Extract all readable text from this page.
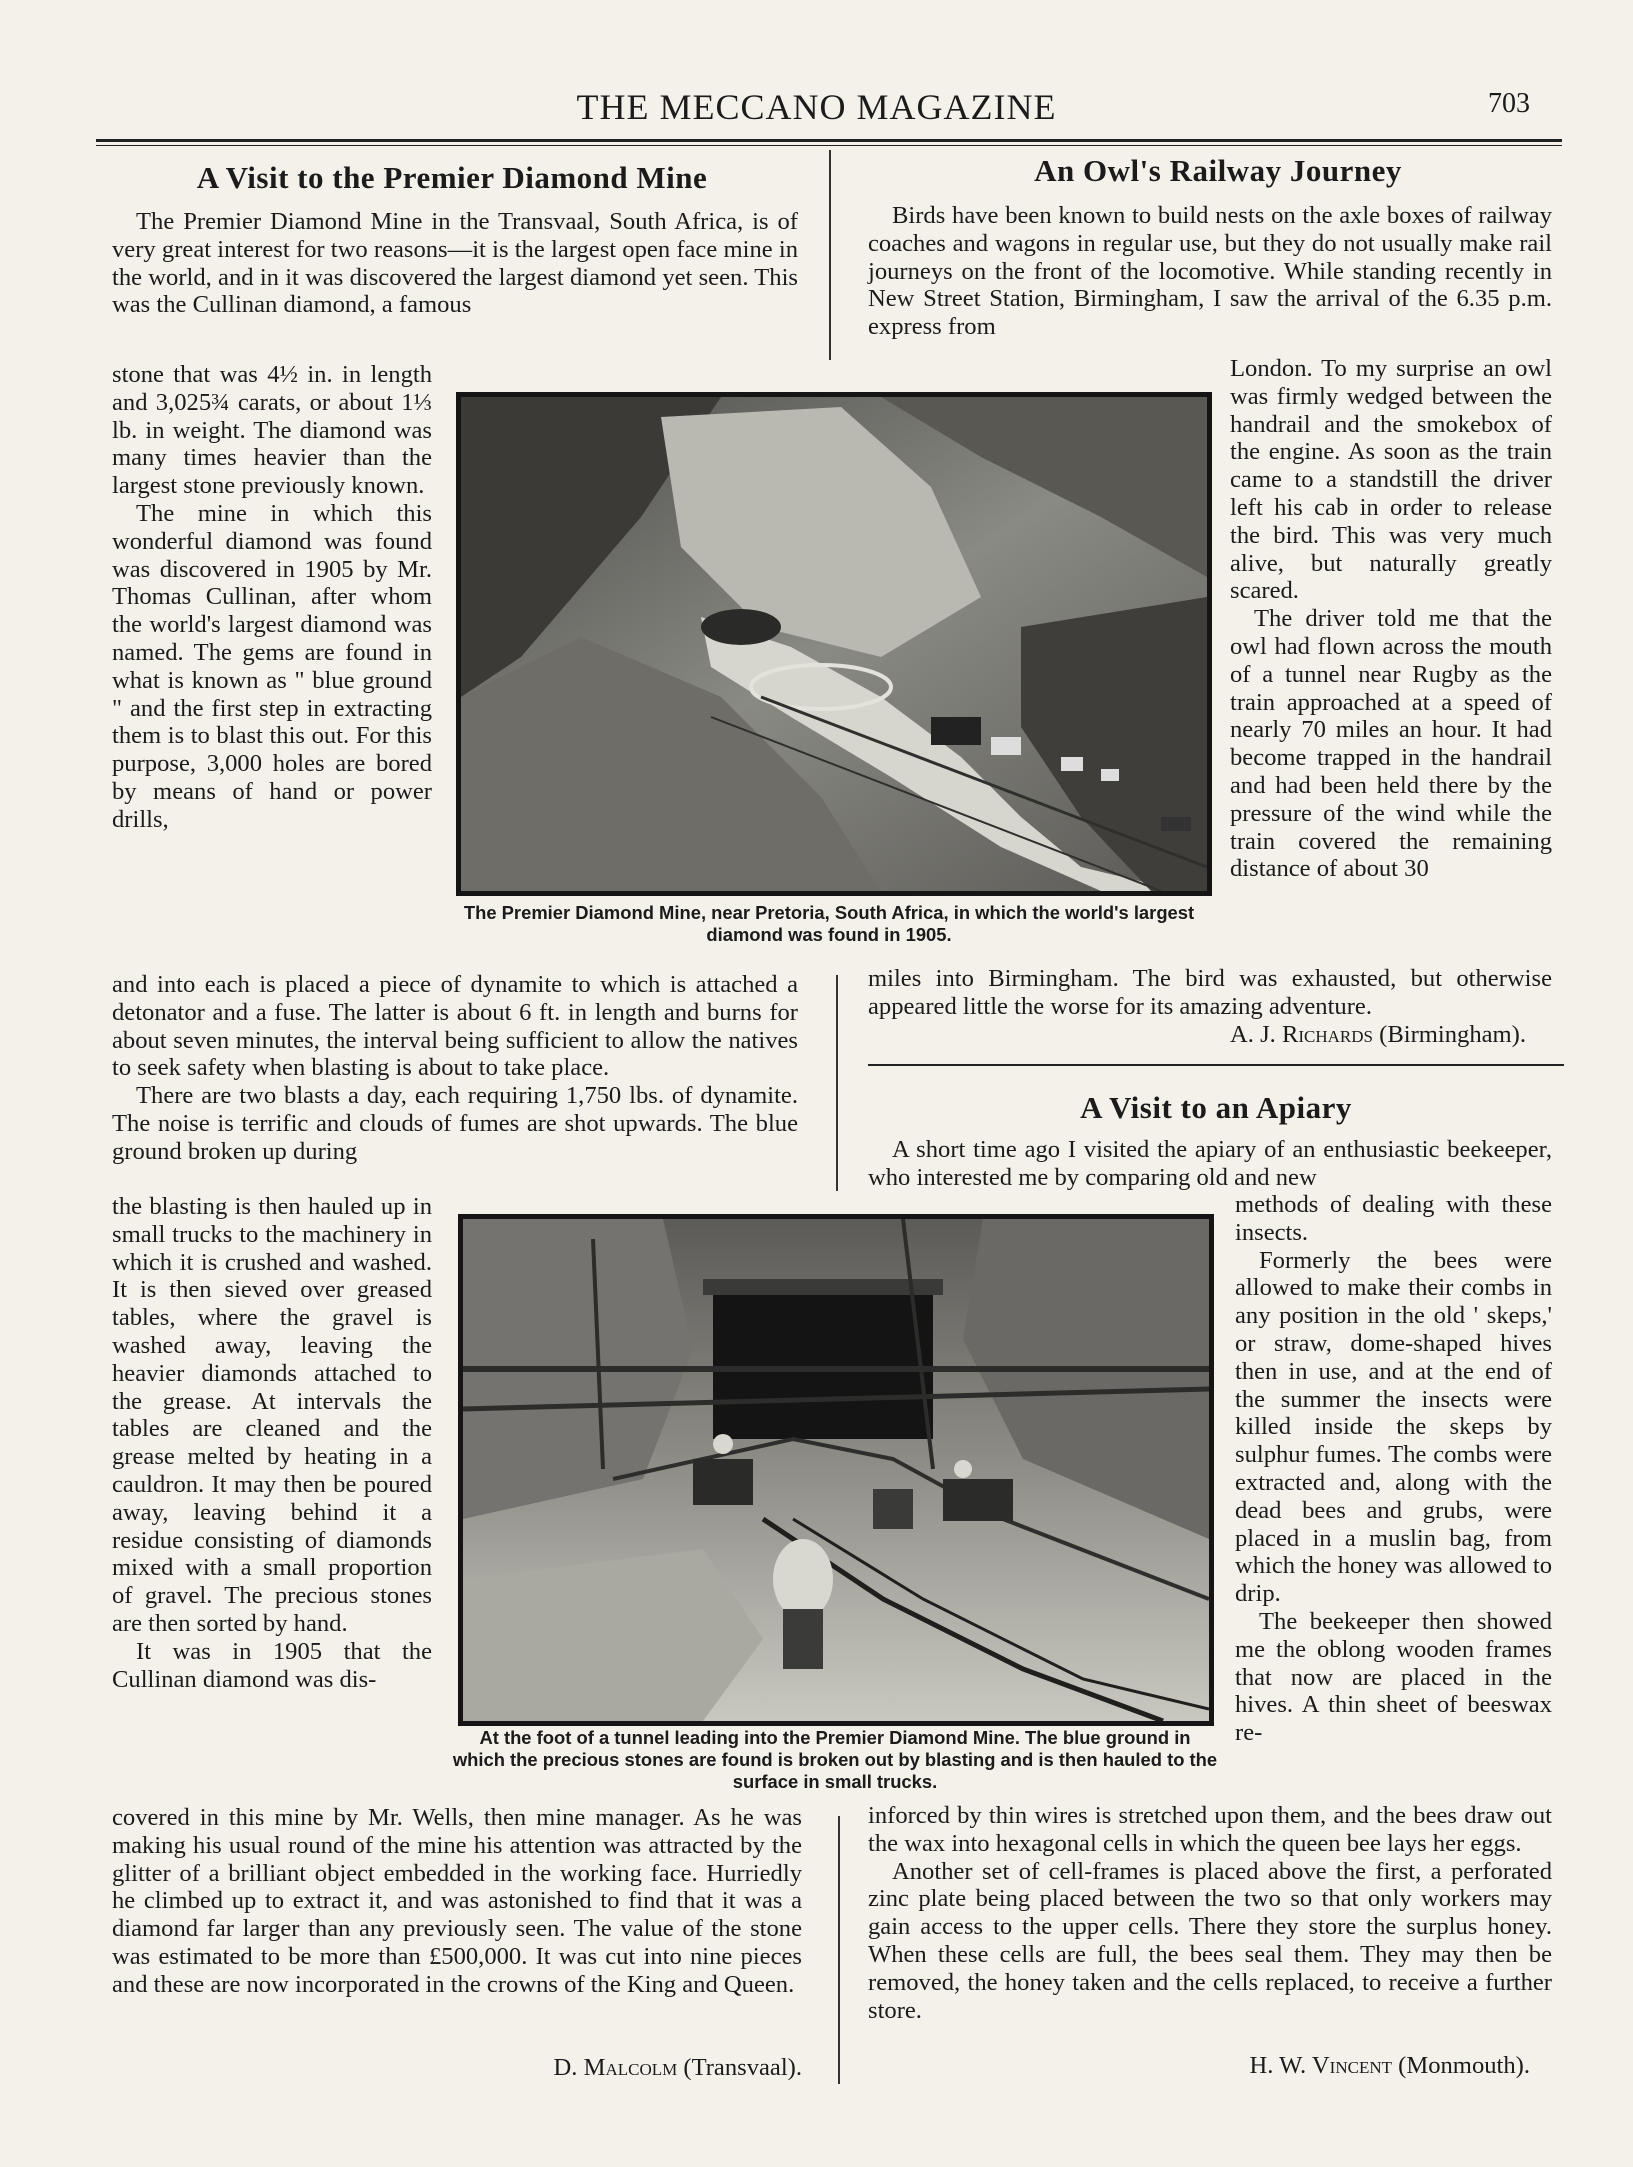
THE MECCANO MAGAZINE	703
A Visit to the Premier Diamond Mine

The Premier Diamond Mine in the Transvaal, South Africa, is of very great interest for two reasons—it is the largest open face mine in the world, and in it was discovered the largest diamond yet seen. This was the Cullinan diamond, a famous

stone that was 4½ in. in length and 3,025¾ carats, or about 1⅓ lb. in weight. The diamond was many times heavier than the largest stone previously known.

The mine in which this wonderful diamond was found was discovered in 1905 by Mr. Thomas Cullinan, after whom the world's largest diamond was named. The gems are found in what is known as " blue ground " and the first step in extracting them is to blast this out. For this purpose, 3,000 holes are bored by means of hand or power drills,

and into each is placed a piece of dynamite to which is attached a detonator and a fuse. The latter is about 6 ft. in length and burns for about seven minutes, the interval being sufficient to allow the natives to seek safety when blasting is about to take place.

There are two blasts a day, each requiring 1,750 lbs. of dynamite. The noise is terrific and clouds of fumes are shot upwards. The blue ground broken up during

the blasting is then hauled up in small trucks to the machinery in which it is crushed and washed. It is then sieved over greased tables, where the gravel is washed away, leaving the heavier diamonds attached to the grease. At intervals the tables are cleaned and the grease melted by heating in a cauldron. It may then be poured away, leaving behind it a residue consisting of diamonds mixed with a small proportion of gravel. The precious stones are then sorted by hand.

It was in 1905 that the Cullinan diamond was dis-

covered in this mine by Mr. Wells, then mine manager. As he was making his usual round of the mine his attention was attracted by the glitter of a brilliant object embedded in the working face. Hurriedly he climbed up to extract it, and was astonished to find that it was a diamond far larger than any previously seen. The value of the stone was estimated to be more than £500,000. It was cut into nine pieces and these are now incorporated in the crowns of the King and Queen.

D. Malcolm (Transvaal).
An Owl's Railway Journey

Birds have been known to build nests on the axle boxes of railway coaches and wagons in regular use, but they do not usually make rail journeys on the front of the locomotive. While standing recently in New Street Station, Birmingham, I saw the arrival of the 6.35 p.m. express from

London. To my surprise an owl was firmly wedged between the handrail and the smokebox of the engine. As soon as the train came to a standstill the driver left his cab in order to release the bird. This was very much alive, but naturally greatly scared.

The driver told me that the owl had flown across the mouth of a tunnel near Rugby as the train approached at a speed of nearly 70 miles an hour. It had become trapped in the handrail and had been held there by the pressure of the wind while the train covered the remaining distance of about 30

miles into Birmingham. The bird was exhausted, but otherwise appeared little the worse for its amazing adventure.

A. J. Richards (Birmingham).
A Visit to an Apiary

A short time ago I visited the apiary of an enthusiastic beekeeper, who interested me by comparing old and new

methods of dealing with these insects.

Formerly the bees were allowed to make their combs in any position in the old ' skeps,' or straw, dome-shaped hives then in use, and at the end of the summer the insects were killed inside the skeps by sulphur fumes. The combs were extracted and, along with the dead bees and grubs, were placed in a muslin bag, from which the honey was allowed to drip.

The beekeeper then showed me the oblong wooden frames that now are placed in the hives. A thin sheet of beeswax re-

inforced by thin wires is stretched upon them, and the bees draw out the wax into hexagonal cells in which the queen bee lays her eggs.

Another set of cell-frames is placed above the first, a perforated zinc plate being placed between the two so that only workers may gain access to the upper cells. There they store the surplus honey. When these cells are full, the bees seal them. They may then be removed, the honey taken and the cells replaced, to receive a further store.

H. W. Vincent (Monmouth).
The Premier Diamond Mine, near Pretoria, South Africa, in which the world's largest diamond was found in 1905.
At the foot of a tunnel leading into the Premier Diamond Mine. The blue ground in which the precious stones are found is broken out by blasting and is then hauled to the surface in small trucks.
